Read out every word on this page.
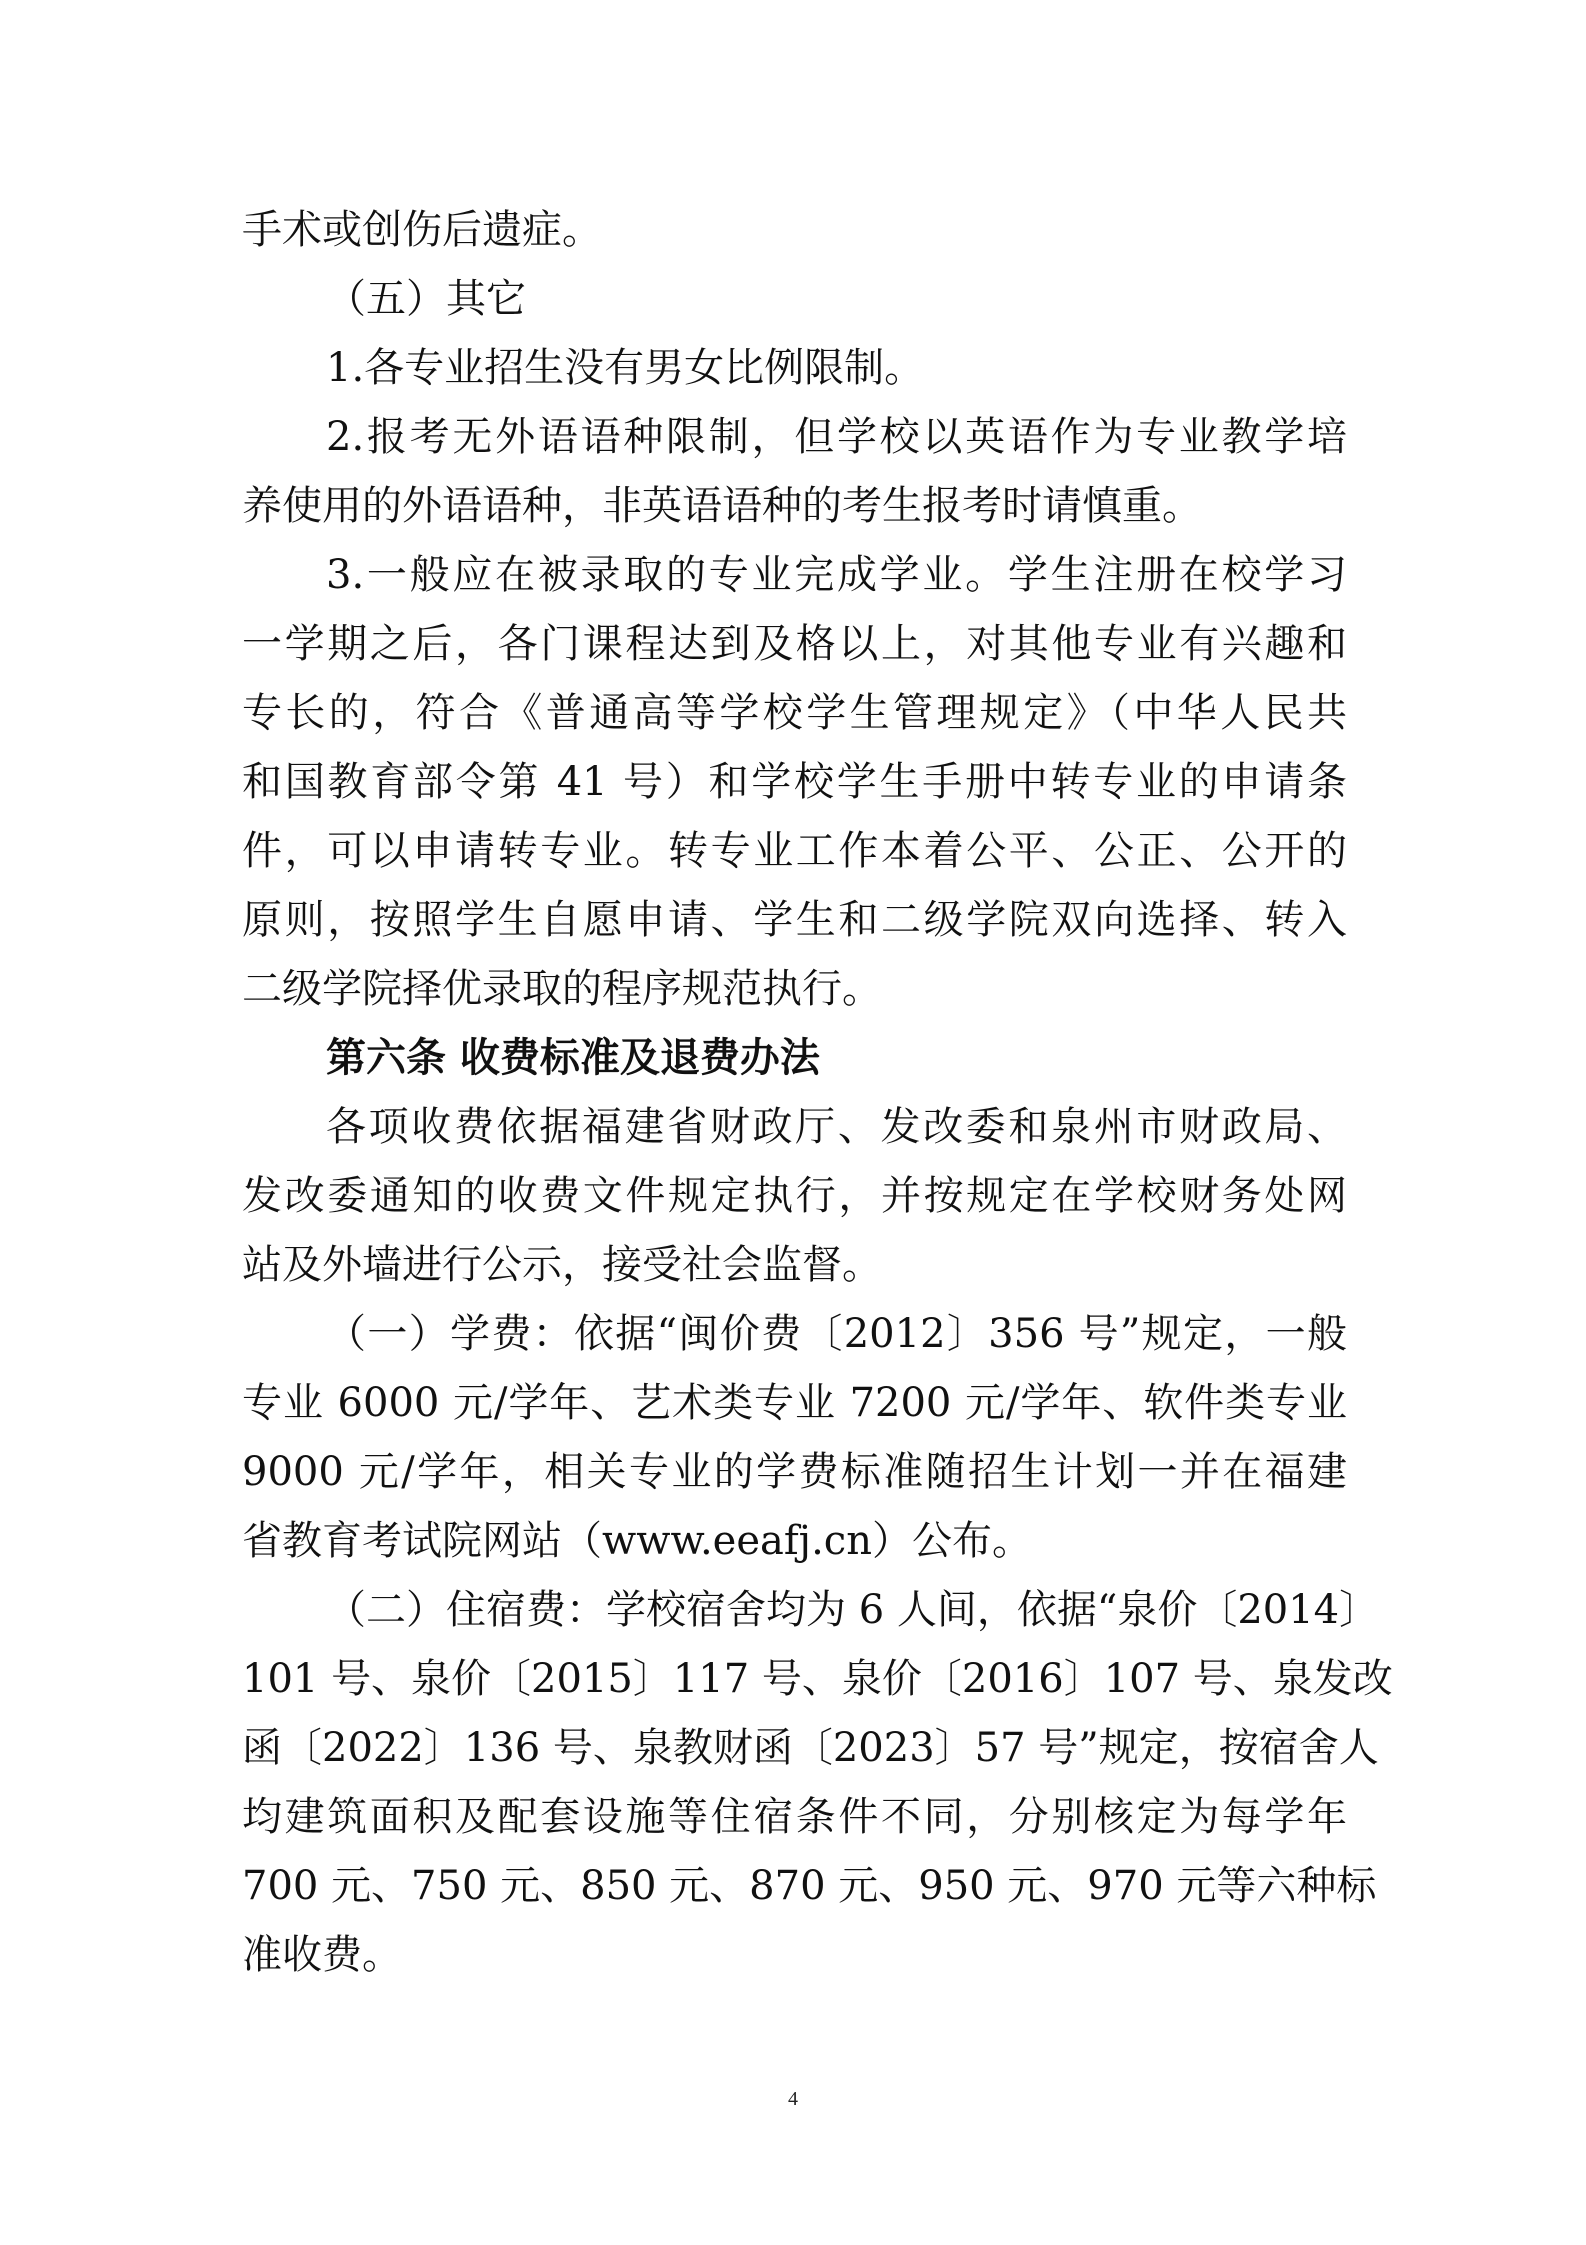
手术或创伤后遗症。
（五）其它
1.各专业招生没有男女比例限制。
2.报考无外语语种限制，但学校以英语作为专业教学培
养使用的外语语种，非英语语种的考生报考时请慎重。
3.一般应在被录取的专业完成学业。学生注册在校学习
一学期之后，各门课程达到及格以上，对其他专业有兴趣和
专长的，符合《普通高等学校学生管理规定》（中华人民共
和国教育部令第 41 号）和学校学生手册中转专业的申请条
件，可以申请转专业。转专业工作本着公平、公正、公开的
原则，按照学生自愿申请、学生和二级学院双向选择、转入
二级学院择优录取的程序规范执行。
第六条 收费标准及退费办法
各项收费依据福建省财政厅、发改委和泉州市财政局、
发改委通知的收费文件规定执行，并按规定在学校财务处网
站及外墙进行公示，接受社会监督。
（一）学费：依据“闽价费〔2012〕356 号”规定，一般
专业 6000 元/学年、艺术类专业 7200 元/学年、软件类专业
9000 元/学年，相关专业的学费标准随招生计划一并在福建
省教育考试院网站（www.eeafj.cn）公布。
（二）住宿费：学校宿舍均为 6 人间，依据“泉价〔2014〕
101 号、泉价〔2015〕117 号、泉价〔2016〕107 号、泉发改
函〔2022〕136 号、泉教财函〔2023〕57 号”规定，按宿舍人
均建筑面积及配套设施等住宿条件不同，分别核定为每学年
700 元、750 元、850 元、870 元、950 元、970 元等六种标
准收费。
4
